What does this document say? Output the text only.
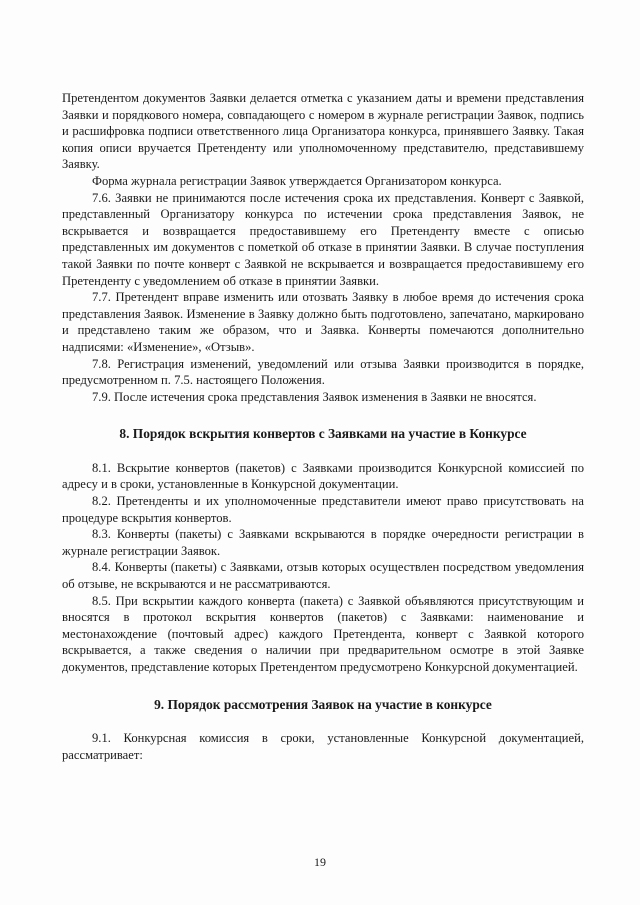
Претендентом документов Заявки делается отметка с указанием даты и времени представления Заявки и порядкового номера, совпадающего с номером в журнале регистрации Заявок, подпись и расшифровка подписи ответственного лица Организатора конкурса, принявшего Заявку. Такая копия описи вручается Претенденту или уполномоченному представителю, представившему Заявку.

Форма журнала регистрации Заявок утверждается Организатором конкурса.

7.6. Заявки не принимаются после истечения срока их представления. Конверт с Заявкой, представленный Организатору конкурса по истечении срока представления Заявок, не вскрывается и возвращается предоставившему его Претенденту вместе с описью представленных им документов с пометкой об отказе в принятии Заявки. В случае поступления такой Заявки по почте конверт с Заявкой не вскрывается и возвращается предоставившему его Претенденту с уведомлением об отказе в принятии Заявки.

7.7. Претендент вправе изменить или отозвать Заявку в любое время до истечения срока представления Заявок. Изменение в Заявку должно быть подготовлено, запечатано, маркировано и представлено таким же образом, что и Заявка. Конверты помечаются дополнительно надписями: «Изменение», «Отзыв».

7.8. Регистрация изменений, уведомлений или отзыва Заявки производится в порядке, предусмотренном п. 7.5. настоящего Положения.

7.9. После истечения срока представления Заявок изменения в Заявки не вносятся.

8. Порядок вскрытия конвертов с Заявками на участие в Конкурсе

8.1. Вскрытие конвертов (пакетов) с Заявками производится Конкурсной комиссией по адресу и в сроки, установленные в Конкурсной документации.

8.2. Претенденты и их уполномоченные представители имеют право присутствовать на процедуре вскрытия конвертов.

8.3. Конверты (пакеты) с Заявками вскрываются в порядке очередности регистрации в журнале регистрации Заявок.

8.4. Конверты (пакеты) с Заявками, отзыв которых осуществлен посредством уведомления об отзыве, не вскрываются и не рассматриваются.

8.5. При вскрытии каждого конверта (пакета) с Заявкой объявляются присутствующим и вносятся в протокол вскрытия конвертов (пакетов) с Заявками: наименование и местонахождение (почтовый адрес) каждого Претендента, конверт с Заявкой которого вскрывается, а также сведения о наличии при предварительном осмотре в этой Заявке документов, представление которых Претендентом предусмотрено Конкурсной документацией.

9. Порядок рассмотрения Заявок на участие в конкурсе

9.1. Конкурсная комиссия в сроки, установленные Конкурсной документацией, рассматривает:

19
